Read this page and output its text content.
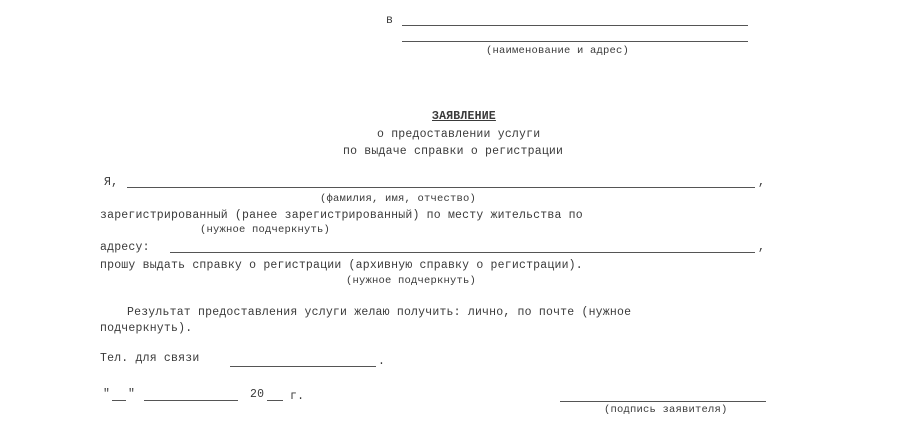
в
(наименование и адрес)
ЗАЯВЛЕНИЕ
о предоставлении услуги
по выдаче справки о регистрации
Я,	,
(фамилия, имя, отчество)
зарегистрированный (ранее зарегистрированный) по месту жительства по
(нужное подчеркнуть)
адресу:	,
прошу выдать справку о регистрации (архивную справку о регистрации).
(нужное подчеркнуть)
Результат предоставления услуги желаю получить: лично, по почте (нужное
подчеркнуть).
Тел. для связи	.
" "	20 г.
(подпись заявителя)
